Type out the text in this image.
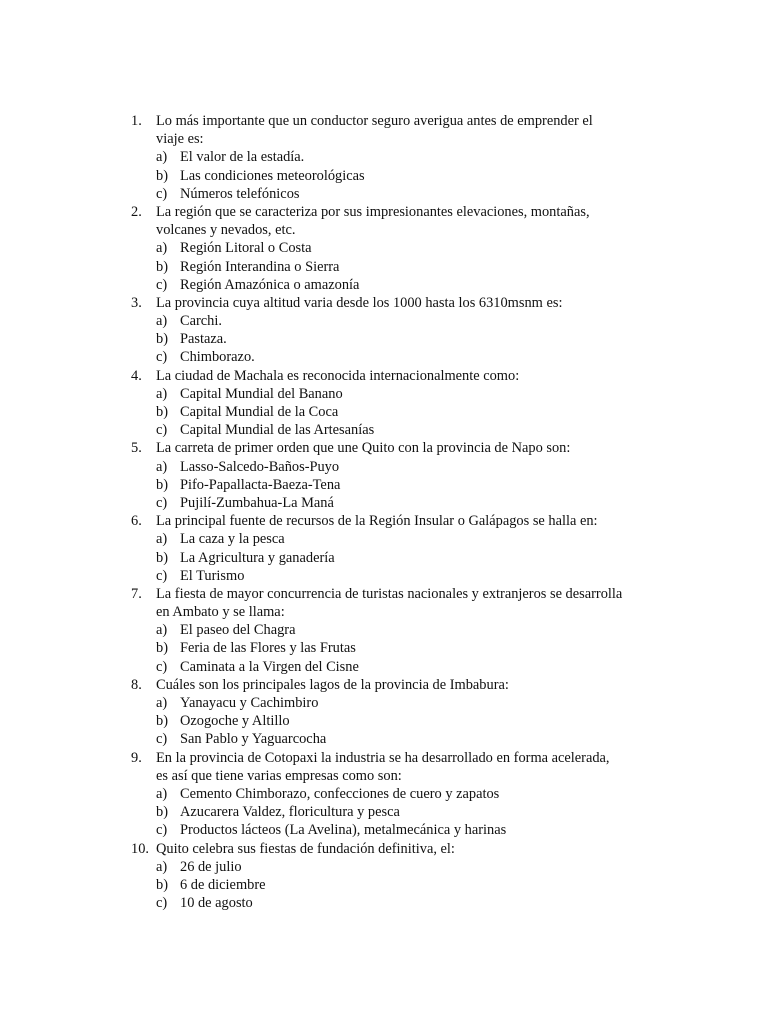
1. Lo más importante que un conductor seguro averigua antes de emprender el
viaje es:
a) El valor de la estadía.
b) Las condiciones meteorológicas
c) Números telefónicos
2. La región que se caracteriza por sus impresionantes elevaciones, montañas,
volcanes y nevados, etc.
a) Región Litoral o Costa
b) Región Interandina o Sierra
c) Región Amazónica o amazonía
3. La provincia cuya altitud varia desde los 1000 hasta los 6310msnm es:
a) Carchi.
b) Pastaza.
c) Chimborazo.
4. La ciudad de Machala es reconocida internacionalmente como:
a) Capital Mundial del Banano
b) Capital Mundial de la Coca
c) Capital Mundial de las Artesanías
5. La carreta de primer orden que une Quito con la provincia de Napo son:
a) Lasso-Salcedo-Baños-Puyo
b) Pifo-Papallacta-Baeza-Tena
c) Pujilí-Zumbahua-La Maná
6. La principal fuente de recursos de la Región Insular o Galápagos se halla en:
a) La caza y la pesca
b) La Agricultura y ganadería
c) El Turismo
7. La fiesta de mayor concurrencia de turistas nacionales y extranjeros se desarrolla
en Ambato y se llama:
a) El paseo del Chagra
b) Feria de las Flores y las Frutas
c) Caminata a la Virgen del Cisne
8. Cuáles son los principales lagos de la provincia de Imbabura:
a) Yanayacu y Cachimbiro
b) Ozogoche y Altillo
c) San Pablo y Yaguarcocha
9. En la provincia de Cotopaxi la industria se ha desarrollado en forma acelerada,
es así que tiene varias empresas como son:
a) Cemento Chimborazo, confecciones de cuero y zapatos
b) Azucarera Valdez, floricultura y pesca
c) Productos lácteos (La Avelina), metalmecánica y harinas
10. Quito celebra sus fiestas de fundación definitiva, el:
a) 26 de julio
b) 6 de diciembre
c) 10 de agosto
